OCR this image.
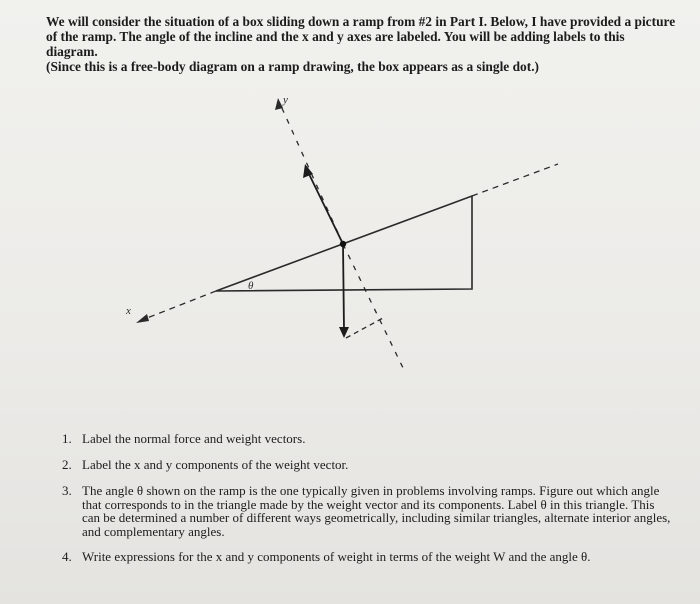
We will consider the situation of a box sliding down a ramp from #2 in Part I. Below, I have provided a picture

of the ramp. The angle of the incline and the x and y axes are labeled. You will be adding labels to this diagram.

(Since this is a free-body diagram on a ramp drawing, the box appears as a single dot.)

x
y
θ
1. Label the normal force and weight vectors.
2. Label the x and y components of the weight vector.
3. The angle θ shown on the ramp is the one typically given in problems involving ramps. Figure out which angle that corresponds to in the triangle made by the weight vector and its components. Label θ in this triangle. This can be determined a number of different ways geometrically, including similar triangles, alternate interior angles, and complementary angles.
4. Write expressions for the x and y components of weight in terms of the weight W and the angle θ.
